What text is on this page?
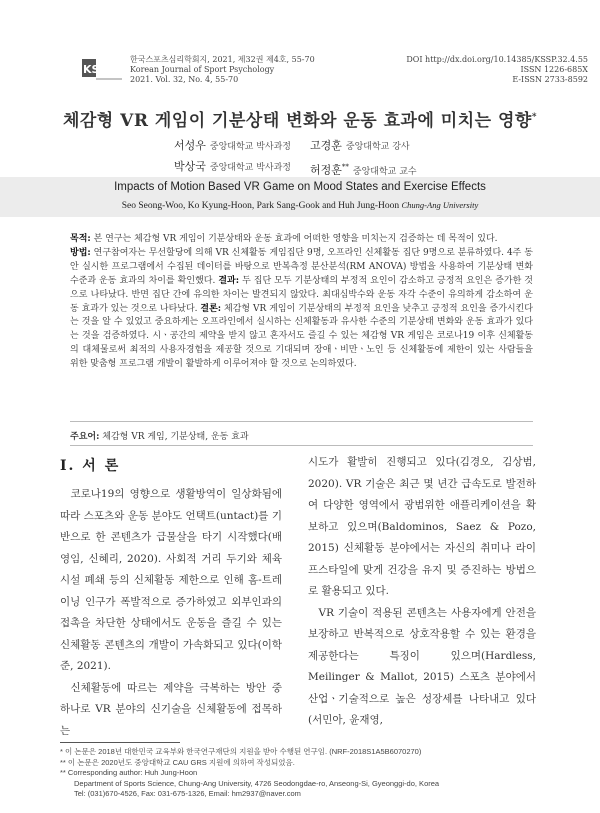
KSSP
한국스포츠심리학회지, 2021, 제32권 제4호, 55-70
Korean Journal of Sport Psychology
2021. Vol. 32, No. 4, 55-70
DOI http://dx.doi.org/10.14385/KSSP.32.4.55
ISSN 1226-685X
E-ISSN 2733-8592
체감형 VR 게임이 기분상태 변화와 운동 효과에 미치는 영향*
서성우 중앙대학교 박사과정
박상국 중앙대학교 박사과정
고경훈 중앙대학교 강사
허정훈** 중앙대학교 교수
Impacts of Motion Based VR Game on Mood States and Exercise Effects
Seo Seong-Woo, Ko Kyung-Hoon, Park Sang-Gook and Huh Jung-Hoon Chung-Ang University
목적: 본 연구는 체감형 VR 게임이 기분상태와 운동 효과에 어떠한 영향을 미치는지 검증하는 데 목적이 있다.
방법: 연구참여자는 무선할당에 의해 VR 신체활동 게임집단 9명, 오프라인 신체활동 집단 9명으로 분류하였다. 4주 동안 실시한 프로그램에서 수집된 데이터를 바탕으로 반복측정 분산분석(RM ANOVA) 방법을 사용하여 기분상태 변화 수준과 운동 효과의 차이를 확인했다. 결과: 두 집단 모두 기분상태의 부정적 요인이 감소하고 긍정적 요인은 증가한 것으로 나타났다. 반면 집단 간에 유의한 차이는 발견되지 않았다. 최대심박수와 운동 자각 수준이 유의하게 감소하여 운동 효과가 있는 것으로 나타났다. 결론: 체감형 VR 게임이 기분상태의 부정적 요인을 낮추고 긍정적 요인을 증가시킨다는 것을 알 수 있었고 중요하게는 오프라인에서 실시하는 신체활동과 유사한 수준의 기분상태 변화와 운동 효과가 있다는 것을 검증하였다. 시ㆍ공간의 제약을 받지 않고 혼자서도 즐길 수 있는 체감형 VR 게임은 코로나19 이후 신체활동의 대체물로써 최적의 사용자경험을 제공할 것으로 기대되며 장애ㆍ비만ㆍ노인 등 신체활동에 제한이 있는 사람들을 위한 맞춤형 프로그램 개발이 활발하게 이루어져야 할 것으로 논의하였다.
주요어: 체감형 VR 게임, 기분상태, 운동 효과
I. 서 론

코로나19의 영향으로 생활방역이 일상화됨에 따라 스포츠와 운동 분야도 언택트(untact)를 기반으로 한 콘텐츠가 급물살을 타기 시작했다(배영임, 신혜리, 2020). 사회적 거리 두기와 체육시설 폐쇄 등의 신체활동 제한으로 인해 홈-트레이닝 인구가 폭발적으로 증가하였고 외부인과의 접촉을 차단한 상태에서도 운동을 즐길 수 있는 신체활동 콘텐츠의 개발이 가속화되고 있다(이학준, 2021).

신체활동에 따르는 제약을 극복하는 방안 중 하나로 VR 분야의 신기술을 신체활동에 접목하는

시도가 활발히 진행되고 있다(김경오, 김상범, 2020). VR 기술은 최근 몇 년간 급속도로 발전하여 다양한 영역에서 광범위한 애플리케이션을 확보하고 있으며(Baldominos, Saez & Pozo, 2015) 신체활동 분야에서는 자신의 취미나 라이프스타일에 맞게 건강을 유지 및 증진하는 방법으로 활용되고 있다.

VR 기술이 적용된 콘텐츠는 사용자에게 안전을 보장하고 반복적으로 상호작용할 수 있는 환경을 제공한다는 특징이 있으며(Hardless, Meilinger & Mallot, 2015) 스포츠 분야에서 산업ㆍ기술적으로 높은 성장세를 나타내고 있다(서민아, 윤재영,

* 이 논문은 2018년 대한민국 교육부와 한국연구재단의 지원을 받아 수행된 연구임. (NRF-2018S1A5B6070270)
** 이 논문은 2020년도 중앙대학교 CAU GRS 지원에 의하여 작성되었음.
** Corresponding author: Huh Jung-Hoon
Department of Sports Science, Chung-Ang University, 4726 Seodongdae-ro, Anseong-Si, Gyeonggi-do, Korea
Tel: (031)670-4526, Fax: 031-675-1326, Email: hm2937@naver.com
